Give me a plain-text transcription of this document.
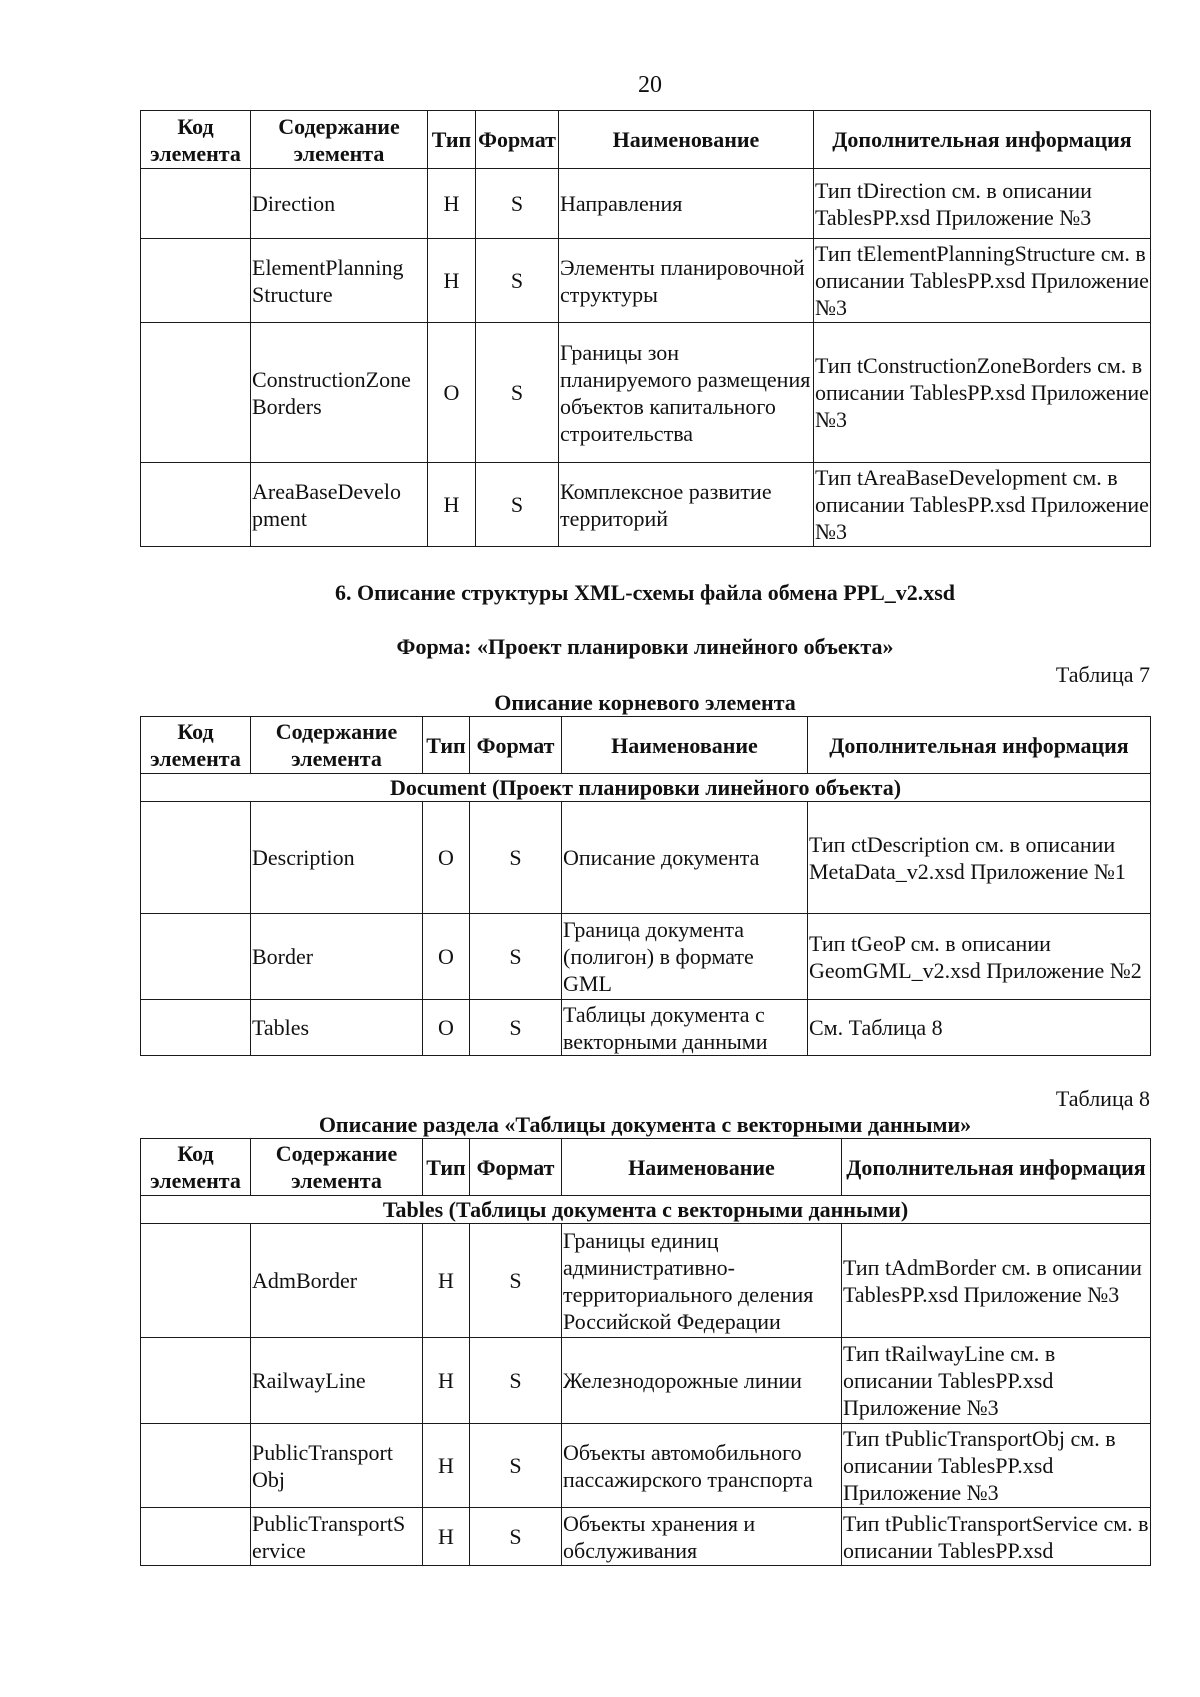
20
Код элемента	Содержание элемента	Тип	Формат	Наименование	Дополнительная информация
	Direction	Н	S	Направления	Тип tDirection см. в описании TablesPP.xsd Приложение №3
	ElementPlanning Structure	Н	S	Элементы планировочной структуры	Тип tElementPlanningStructure см. в описании TablesPP.xsd Приложение №3
	ConstructionZone Borders	О	S	Границы зон планируемого размещения объектов капитального строительства	Тип tConstructionZoneBorders см. в описании TablesPP.xsd Приложение №3
	AreaBaseDevelo pment	Н	S	Комплексное развитие территорий	Тип tAreaBaseDevelopment см. в описании TablesPP.xsd Приложение №3
6. Описание структуры XML-схемы файла обмена PPL_v2.xsd
Форма: «Проект планировки линейного объекта»
Таблица 7
Описание корневого элемента
Код элемента	Содержание элемента	Тип	Формат	Наименование	Дополнительная информация
Document (Проект планировки линейного объекта)					
	Description	О	S	Описание документа	Тип ctDescription см. в описании MetaData_v2.xsd Приложение №1
	Border	О	S	Граница документа (полигон) в формате GML	Тип tGeoP см. в описании GeomGML_v2.xsd Приложение №2
	Tables	О	S	Таблицы документа с векторными данными	См. Таблица 8
Таблица 8
Описание раздела «Таблицы документа с векторными данными»
Код элемента	Содержание элемента	Тип	Формат	Наименование	Дополнительная информация
Tables (Таблицы документа с векторными данными)					
	AdmBorder	Н	S	Границы единиц административно-территориального деления Российской Федерации	Тип tAdmBorder см. в описании TablesPP.xsd Приложение №3
	RailwayLine	Н	S	Железнодорожные линии	Тип tRailwayLine см. в описании TablesPP.xsd Приложение №3
	PublicTransport Obj	Н	S	Объекты автомобильного пассажирского транспорта	Тип tPublicTransportObj см. в описании TablesPP.xsd Приложение №3
	PublicTransportS ervice	Н	S	Объекты хранения и обслуживания	Тип tPublicTransportService см. в описании TablesPP.xsd
